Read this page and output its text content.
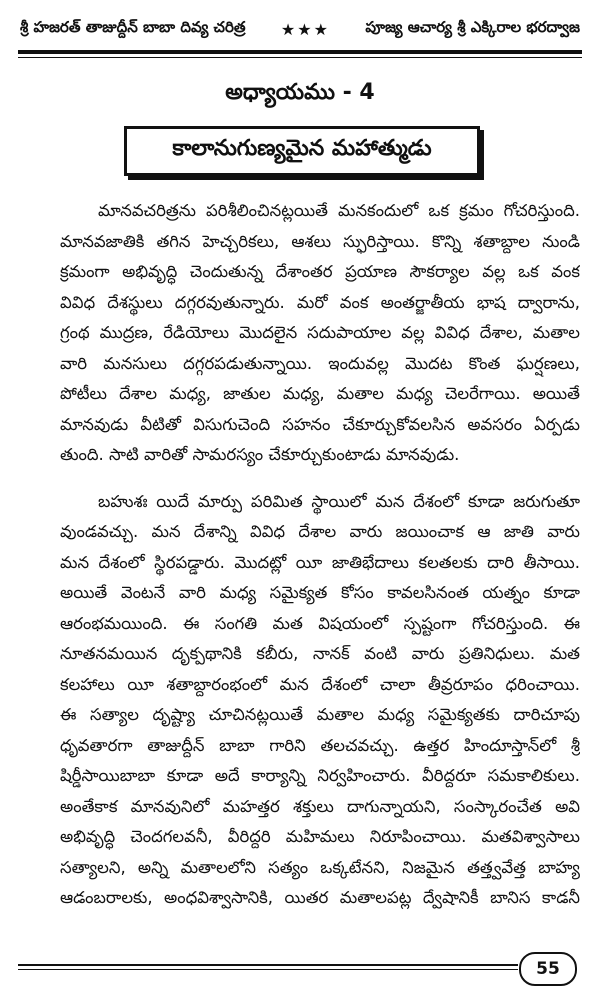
శ్రీ హజరత్ తాజుద్దీన్ బాబా దివ్య చరిత్ర ★★★ పూజ్య ఆచార్య శ్రీ ఎక్కిరాల భరద్వాజ
అధ్యాయము - 4
కాలానుగుణ్యమైన మహాత్ముడు
మానవచరిత్రను పరిశీలించినట్లయితే మనకందులో ఒక క్రమం గోచరిస్తుంది.
మానవజాతికి తగిన హెచ్చరికలు, ఆశలు స్ఫురిస్తాయి. కొన్ని శతాబ్దాల నుండి
క్రమంగా అభివృద్ధి చెందుతున్న దేశాంతర ప్రయాణ సౌకర్యాల వల్ల ఒక వంక
వివిధ దేశస్థులు దగ్గరవుతున్నారు. మరో వంక అంతర్జాతీయ భాష ద్వారాను,
గ్రంథ ముద్రణ, రేడియోలు మొదలైన సదుపాయాల వల్ల వివిధ దేశాల, మతాల
వారి మనసులు దగ్గరపడుతున్నాయి. ఇందువల్ల మొదట కొంత ఘర్షణలు,
పోటీలు దేశాల మధ్య, జాతుల మధ్య, మతాల మధ్య చెలరేగాయి. అయితే
మానవుడు వీటితో విసుగుచెంది సహనం చేకూర్చుకోవలసిన అవసరం ఏర్పడు
తుంది. సాటి వారితో సామరస్యం చేకూర్చుకుంటాడు మానవుడు.
బహుశః యిదే మార్పు పరిమిత స్థాయిలో మన దేశంలో కూడా జరుగుతూ
వుండవచ్చు. మన దేశాన్ని వివిధ దేశాల వారు జయించాక ఆ జాతి వారు
మన దేశంలో స్థిరపడ్డారు. మొదట్లో యీ జాతిభేదాలు కలతలకు దారి తీసాయి.
అయితే వెంటనే వారి మధ్య సమైక్యత కోసం కావలసినంత యత్నం కూడా
ఆరంభమయింది. ఈ సంగతి మత విషయంలో స్పష్టంగా గోచరిస్తుంది. ఈ
నూతనమయిన దృక్పథానికి కబీరు, నానక్ వంటి వారు ప్రతినిధులు. మత
కలహాలు యీ శతాబ్దారంభంలో మన దేశంలో చాలా తీవ్రరూపం ధరించాయి.
ఈ సత్యాల దృష్ట్యా చూచినట్లయితే మతాల మధ్య సమైక్యతకు దారిచూపు
ధృవతారగా తాజుద్దీన్ బాబా గారిని తలచవచ్చు. ఉత్తర హిందూస్తాన్‌లో శ్రీ
షిర్డీసాయిబాబా కూడా అదే కార్యాన్ని నిర్వహించారు. వీరిద్దరూ సమకాలికులు.
అంతేకాక మానవునిలో మహత్తర శక్తులు దాగున్నాయని, సంస్కారంచేత అవి
అభివృద్ధి చెందగలవనీ, వీరిద్దరి మహిమలు నిరూపించాయి. మతవిశ్వాసాలు
సత్యాలని, అన్ని మతాలలోని సత్యం ఒక్కటేనని, నిజమైన తత్త్వవేత్త బాహ్య
ఆడంబరాలకు, అంధవిశ్వాసానికి, యితర మతాలపట్ల ద్వేషానికీ బానిస కాడనీ
55
